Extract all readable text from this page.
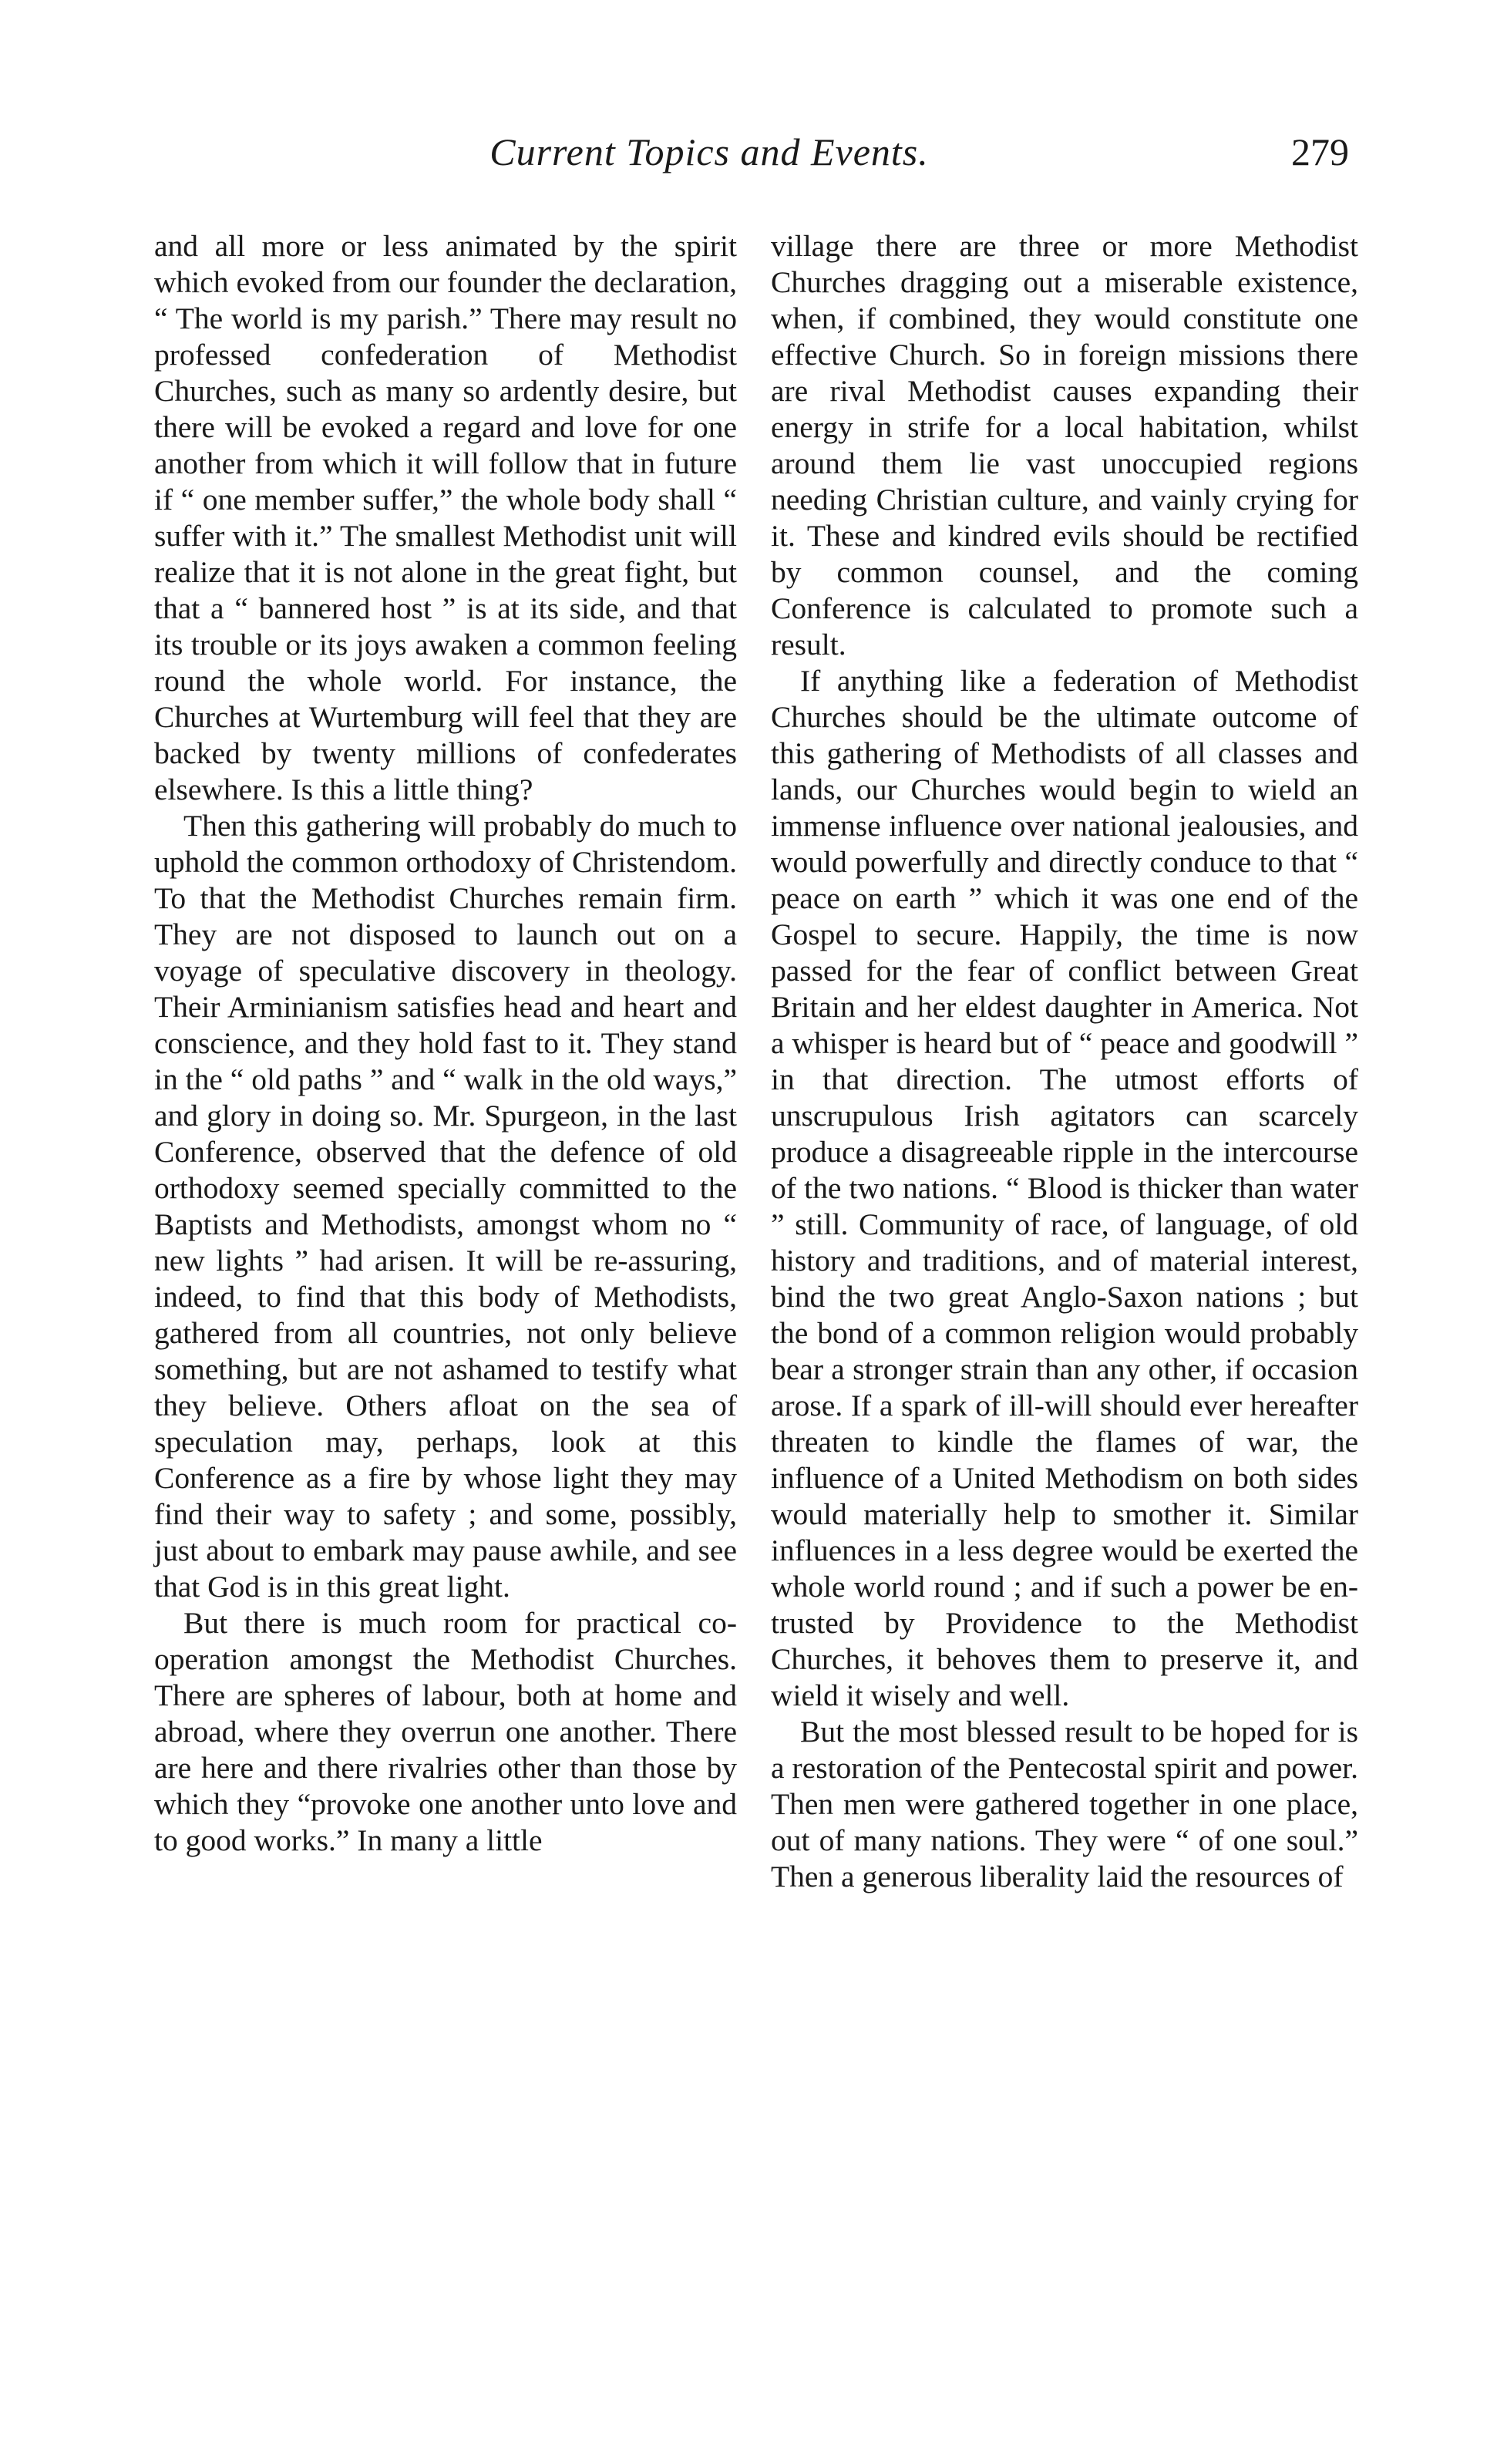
Current Topics and Events.	279

and all more or less animated by the spirit which evoked from our founder the declaration, “ The world is my parish.” There may result no professed confederation of Methodist Churches, such as many so ardently desire, but there will be evoked a regard and love for one another from which it will follow that in future if “ one member suffer,” the whole body shall “ suffer with it.” The smallest Methodist unit will realize that it is not alone in the great fight, but that a “ bannered host ” is at its side, and that its trouble or its joys awaken a common feeling round the whole world. For instance, the Churches at Wurtemburg will feel that they are backed by twenty millions of confederates elsewhere. Is this a little thing?

Then this gathering will probably do much to uphold the common orthodoxy of Christendom. To that the Methodist Churches remain firm. They are not disposed to launch out on a voyage of speculative discovery in theology. Their Arminianism satisfies head and heart and conscience, and they hold fast to it. They stand in the “ old paths ” and “ walk in the old ways,” and glory in doing so. Mr. Spurgeon, in the last Conference, observed that the defence of old orthodoxy seemed specially committed to the Baptists and Methodists, amongst whom no “ new lights ” had arisen. It will be re-assuring, indeed, to find that this body of Methodists, gathered from all countries, not only believe something, but are not ashamed to testify what they believe. Others afloat on the sea of speculation may, perhaps, look at this Conference as a fire by whose light they may find their way to safety ; and some, possibly, just about to embark may pause awhile, and see that God is in this great light.

But there is much room for practical co-operation amongst the Methodist Churches. There are spheres of labour, both at home and abroad, where they overrun one another. There are here and there rivalries other than those by which they “provoke one another unto love and to good works.” In many a little

village there are three or more Methodist Churches dragging out a miserable existence, when, if combined, they would constitute one effective Church. So in foreign missions there are rival Methodist causes expanding their energy in strife for a local habitation, whilst around them lie vast unoccupied regions needing Christian culture, and vainly crying for it. These and kindred evils should be rectified by common counsel, and the coming Conference is calculated to promote such a result.

If anything like a federation of Methodist Churches should be the ultimate outcome of this gathering of Methodists of all classes and lands, our Churches would begin to wield an immense influence over national jealousies, and would powerfully and directly conduce to that “ peace on earth ” which it was one end of the Gospel to secure. Happily, the time is now passed for the fear of conflict between Great Britain and her eldest daughter in America. Not a whisper is heard but of “ peace and goodwill ” in that direction. The utmost efforts of unscrupulous Irish agitators can scarcely produce a disagreeable ripple in the intercourse of the two nations. “ Blood is thicker than water ” still. Community of race, of language, of old history and traditions, and of material interest, bind the two great Anglo-Saxon nations ; but the bond of a common religion would probably bear a stronger strain than any other, if occasion arose. If a spark of ill-will should ever hereafter threaten to kindle the flames of war, the influence of a United Methodism on both sides would materially help to smother it. Similar influences in a less degree would be exerted the whole world round ; and if such a power be entrusted by Providence to the Methodist Churches, it behoves them to preserve it, and wield it wisely and well.

But the most blessed result to be hoped for is a restoration of the Pentecostal spirit and power. Then men were gathered together in one place, out of many nations. They were “ of one soul.” Then a generous liberality laid the resources of
